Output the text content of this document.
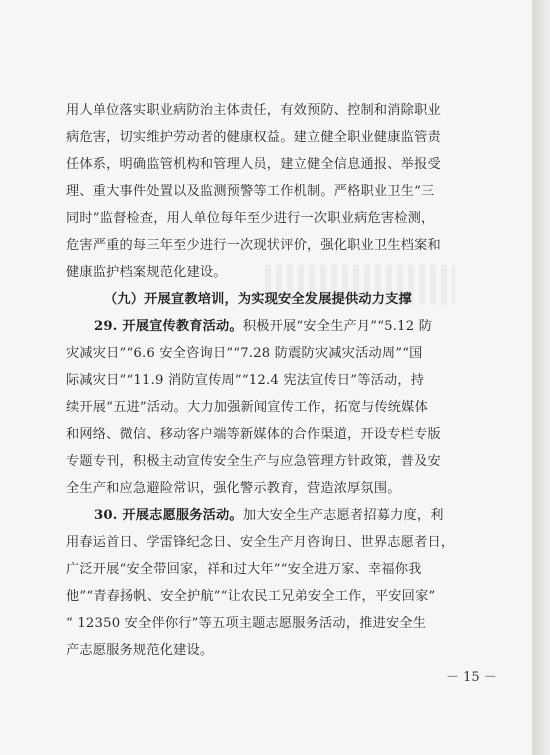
用人单位落实职业病防治主体责任，有效预防、控制和消除职业
病危害，切实维护劳动者的健康权益。建立健全职业健康监管责
任体系，明确监管机构和管理人员，建立健全信息通报、举报受
理、重大事件处置以及监测预警等工作机制。严格职业卫生“三
同时”监督检查，用人单位每年至少进行一次职业病危害检测，
危害严重的每三年至少进行一次现状评价，强化职业卫生档案和
健康监护档案规范化建设。
（九）开展宣教培训，为实现安全发展提供动力支撑
29. 开展宣传教育活动。积极开展“安全生产月”“5.12 防
灾减灾日”“6.6 安全咨询日”“7.28 防震防灾减灾活动周”“国
际减灾日”“11.9 消防宣传周”“12.4 宪法宣传日”等活动，持
续开展“五进”活动。大力加强新闻宣传工作，拓宽与传统媒体
和网络、微信、移动客户端等新媒体的合作渠道，开设专栏专版
专题专刊，积极主动宣传安全生产与应急管理方针政策，普及安
全生产和应急避险常识，强化警示教育，营造浓厚氛围。
30. 开展志愿服务活动。加大安全生产志愿者招募力度，利
用春运首日、学雷锋纪念日、安全生产月咨询日、世界志愿者日，
广泛开展“安全带回家，祥和过大年”“安全进万家、幸福你我
他”“青春扬帆、安全护航”“让农民工兄弟安全工作，平安回家”
“ 12350 安全伴你行”等五项主题志愿服务活动，推进安全生
产志愿服务规范化建设。
－ 15 －
